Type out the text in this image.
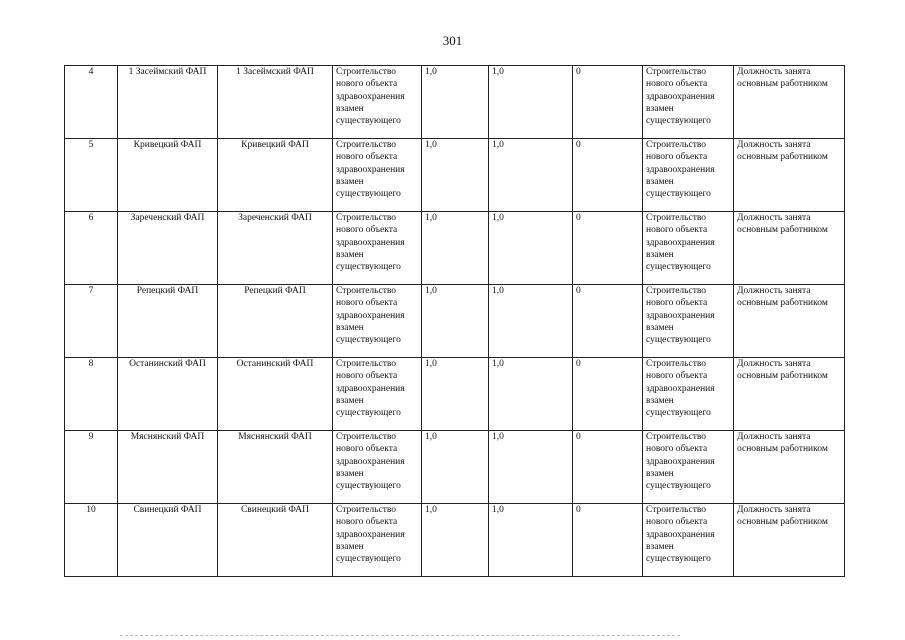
301
4	1 Засеймский ФАП	1 Засеймский ФАП	Строительство нового объекта здравоохранения взамен существующего	1,0	1,0	0	Строительство нового объекта здравоохранения взамен существующего	Должность занята основным работником
5	Кривецкий ФАП	Кривецкий ФАП	Строительство нового объекта здравоохранения взамен существующего	1,0	1,0	0	Строительство нового объекта здравоохранения взамен существующего	Должность занята основным работником
6	Зареченский ФАП	Зареченский ФАП	Строительство нового объекта здравоохранения взамен существующего	1,0	1,0	0	Строительство нового объекта здравоохранения взамен существующего	Должность занята основным работником
7	Репецкий ФАП	Репецкий ФАП	Строительство нового объекта здравоохранения взамен существующего	1,0	1,0	0	Строительство нового объекта здравоохранения взамен существующего	Должность занята основным работником
8	Останинский ФАП	Останинский ФАП	Строительство нового объекта здравоохранения взамен существующего	1,0	1,0	0	Строительство нового объекта здравоохранения взамен существующего	Должность занята основным работником
9	Мяснянский ФАП	Мяснянский ФАП	Строительство нового объекта здравоохранения взамен существующего	1,0	1,0	0	Строительство нового объекта здравоохранения взамен существующего	Должность занята основным работником
10	Свинецкий ФАП	Свинецкий ФАП	Строительство нового объекта здравоохранения взамен существующего	1,0	1,0	0	Строительство нового объекта здравоохранения взамен существующего	Должность занята основным работником
